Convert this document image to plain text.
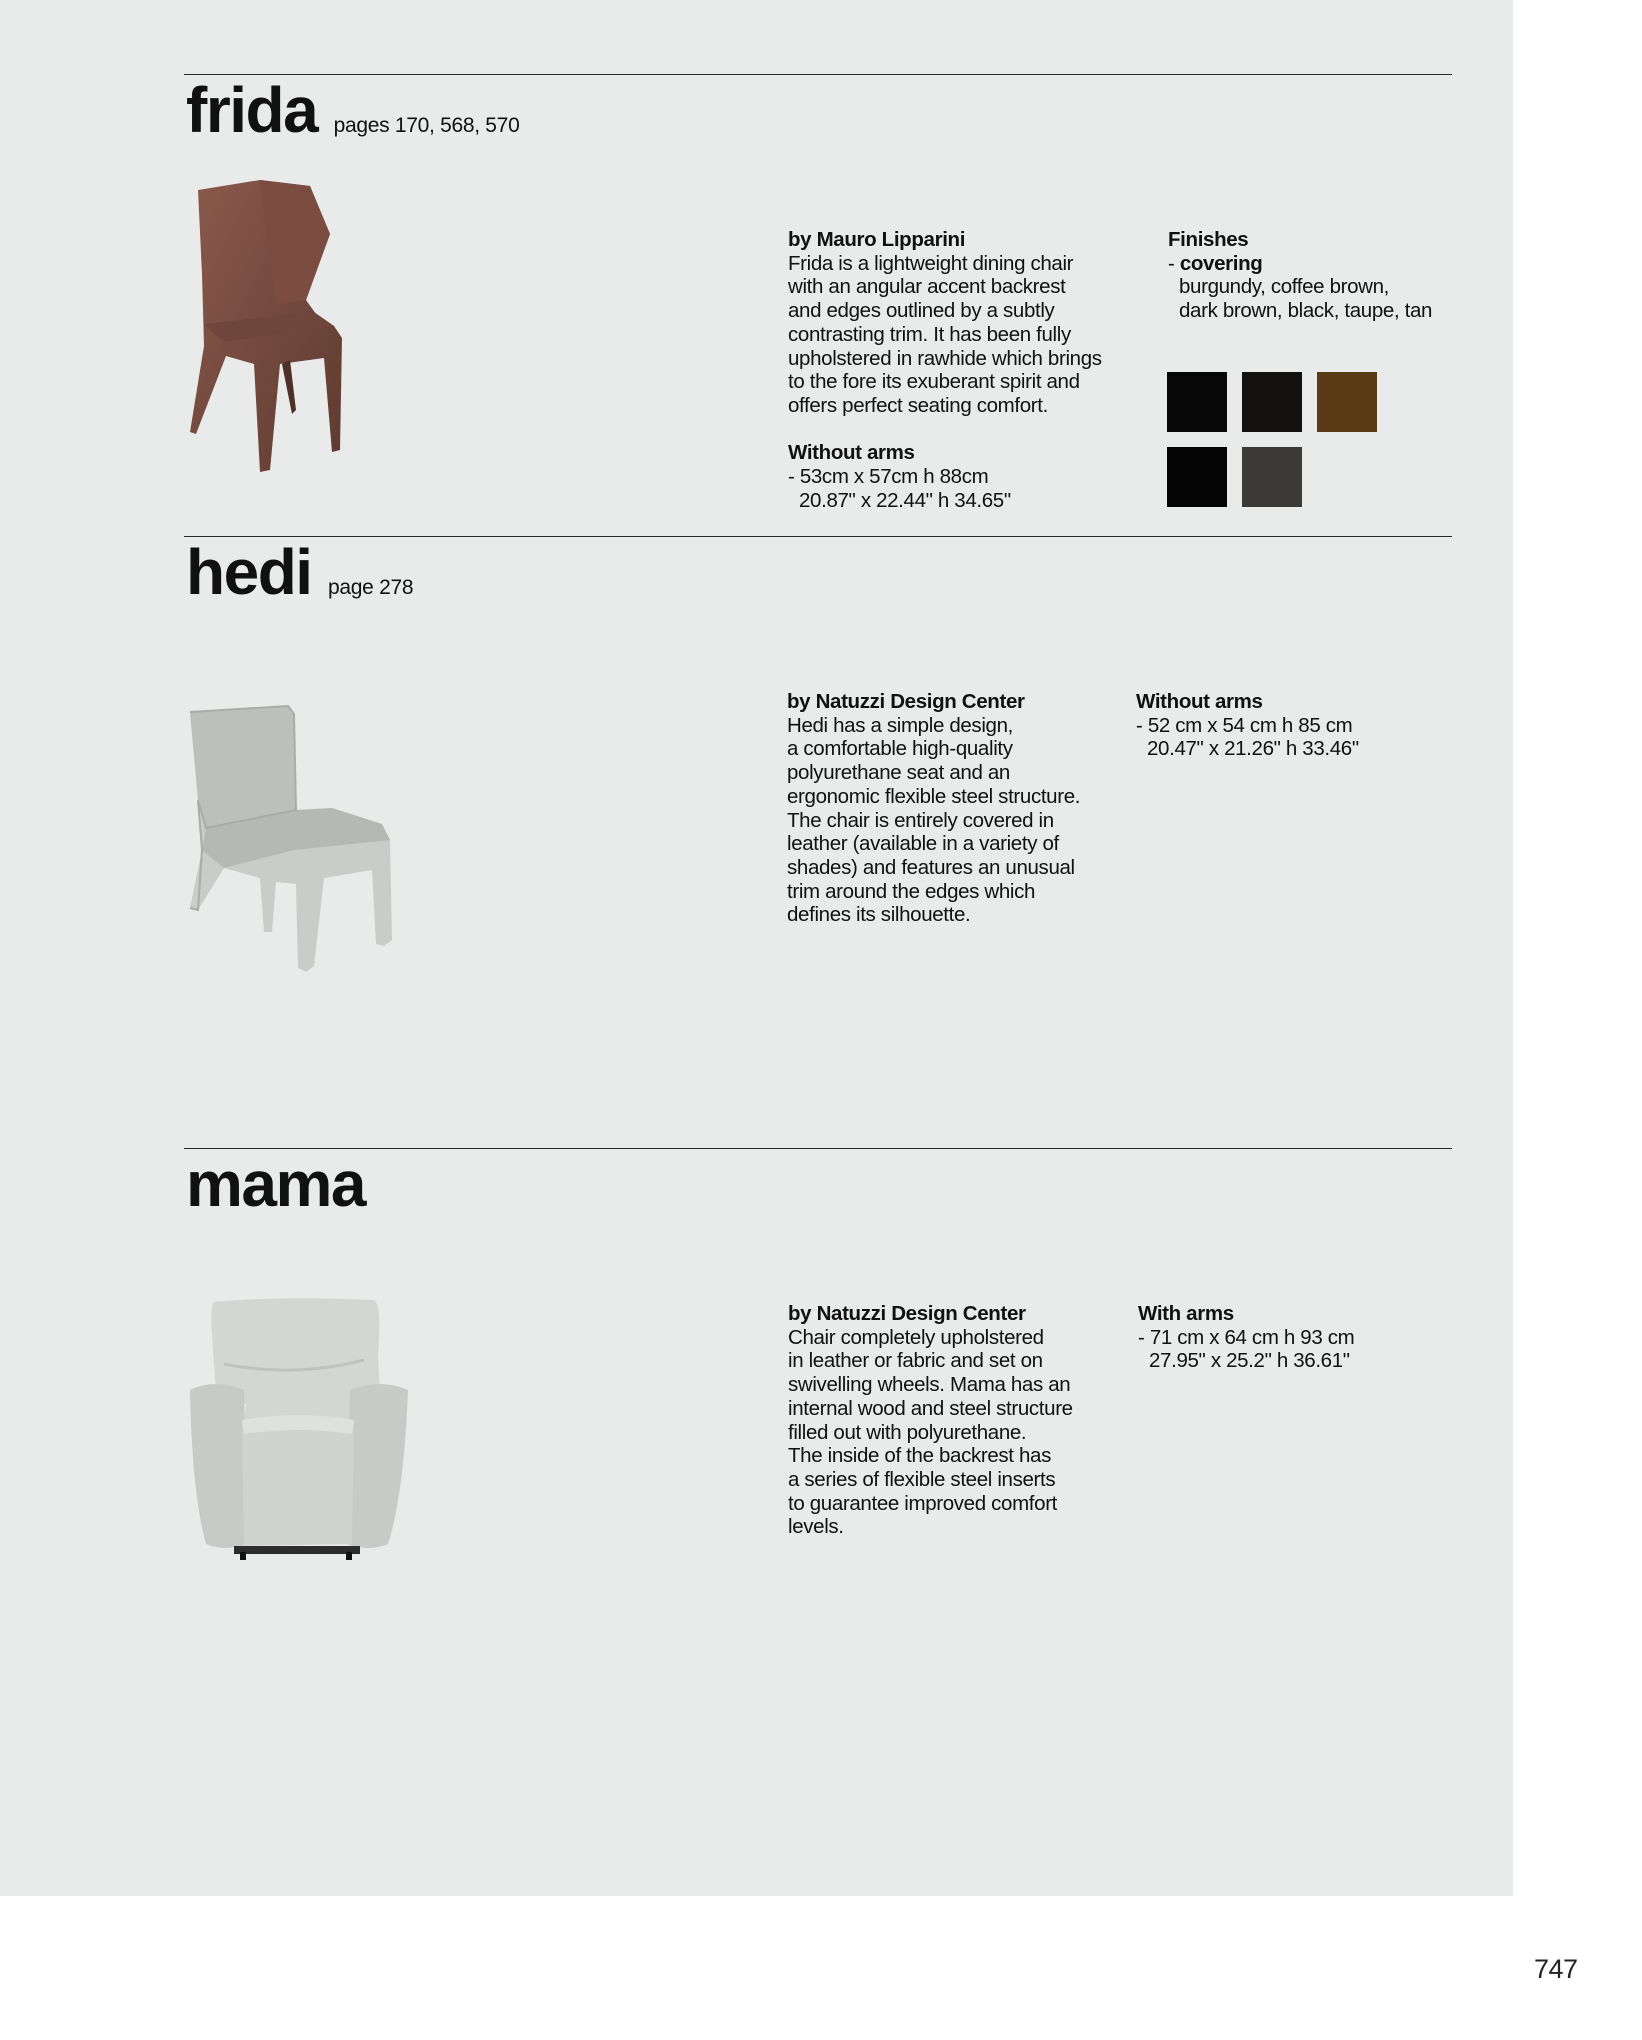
frida pages 170, 568, 570
by Mauro Lipparini
Frida is a lightweight dining chair
with an angular accent backrest
and edges outlined by a subtly
contrasting trim. It has been fully
upholstered in rawhide which brings
to the fore its exuberant spirit and
offers perfect seating comfort.
Without arms
- 53cm x 57cm h 88cm
20.87" x 22.44" h 34.65"
Finishes
- covering
burgundy, coffee brown,
dark brown, black, taupe, tan
hedi page 278
by Natuzzi Design Center
Hedi has a simple design,
a comfortable high-quality
polyurethane seat and an
ergonomic flexible steel structure.
The chair is entirely covered in
leather (available in a variety of
shades) and features an unusual
trim around the edges which
defines its silhouette.
Without arms
- 52 cm x 54 cm h 85 cm
20.47" x 21.26" h 33.46"
mama
by Natuzzi Design Center
Chair completely upholstered
in leather or fabric and set on
swivelling wheels. Mama has an
internal wood and steel structure
filled out with polyurethane.
The inside of the backrest has
a series of flexible steel inserts
to guarantee improved comfort
levels.
With arms
- 71 cm x 64 cm h 93 cm
27.95" x 25.2" h 36.61"
747
